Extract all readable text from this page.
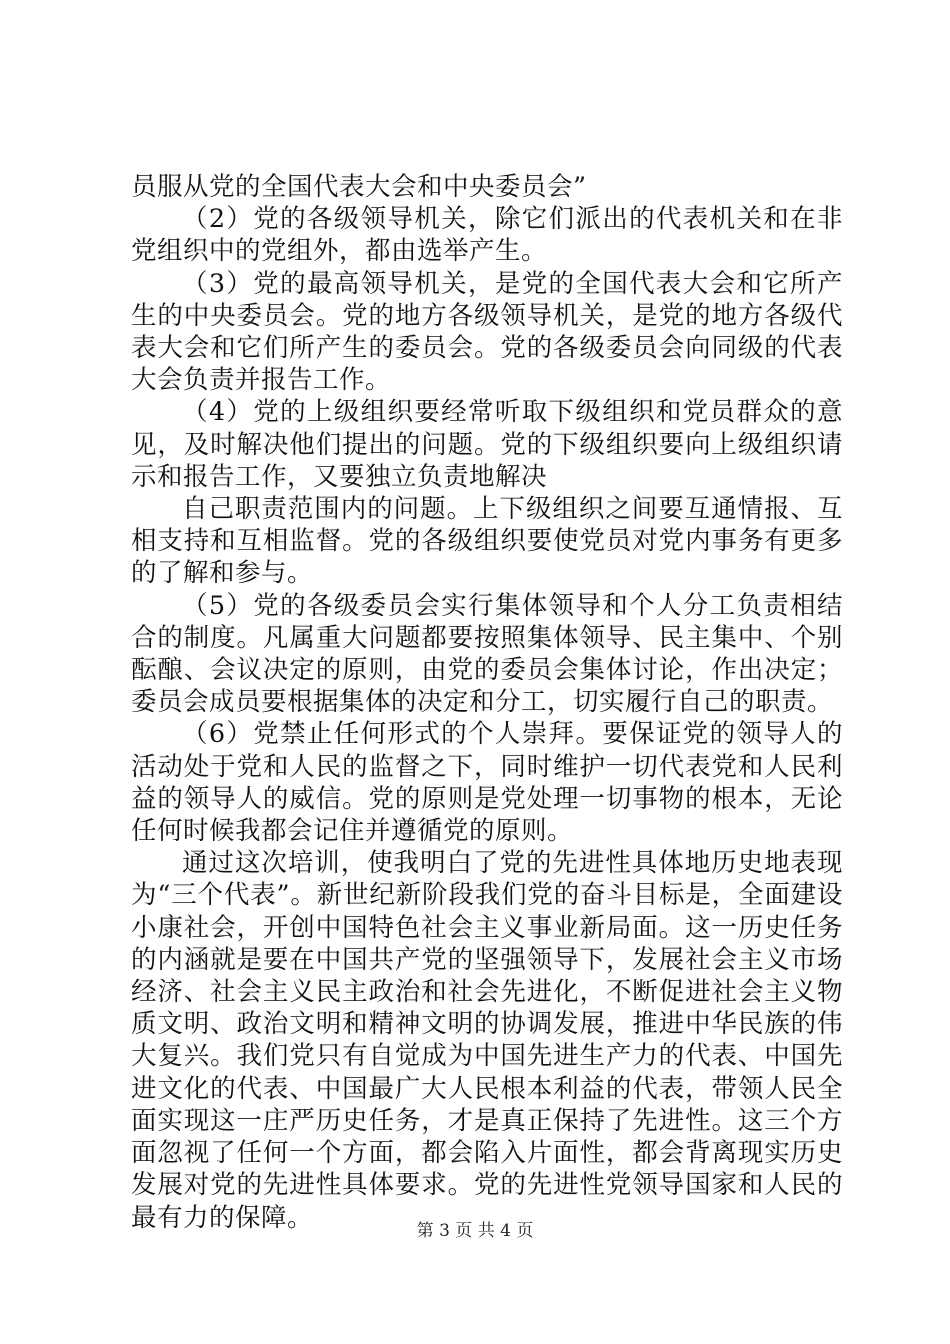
员服从党的全国代表大会和中央委员会”

（2）党的各级领导机关，除它们派出的代表机关和在非党组织中的党组外，都由选举产生。

（3）党的最高领导机关，是党的全国代表大会和它所产生的中央委员会。党的地方各级领导机关，是党的地方各级代表大会和它们所产生的委员会。党的各级委员会向同级的代表大会负责并报告工作。

（4）党的上级组织要经常听取下级组织和党员群众的意见，及时解决他们提出的问题。党的下级组织要向上级组织请示和报告工作，又要独立负责地解决

自己职责范围内的问题。上下级组织之间要互通情报、互相支持和互相监督。党的各级组织要使党员对党内事务有更多的了解和参与。

（5）党的各级委员会实行集体领导和个人分工负责相结合的制度。凡属重大问题都要按照集体领导、民主集中、个别酝酿、会议决定的原则，由党的委员会集体讨论，作出决定；委员会成员要根据集体的决定和分工，切实履行自己的职责。

（6）党禁止任何形式的个人崇拜。要保证党的领导人的活动处于党和人民的监督之下，同时维护一切代表党和人民利益的领导人的威信。党的原则是党处理一切事物的根本，无论任何时候我都会记住并遵循党的原则。

通过这次培训，使我明白了党的先进性具体地历史地表现为“三个代表”。新世纪新阶段我们党的奋斗目标是，全面建设小康社会，开创中国特色社会主义事业新局面。这一历史任务的内涵就是要在中国共产党的坚强领导下，发展社会主义市场经济、社会主义民主政治和社会先进化，不断促进社会主义物质文明、政治文明和精神文明的协调发展，推进中华民族的伟大复兴。我们党只有自觉成为中国先进生产力的代表、中国先进文化的代表、中国最广大人民根本利益的代表，带领人民全面实现这一庄严历史任务，才是真正保持了先进性。这三个方面忽视了任何一个方面，都会陷入片面性，都会背离现实历史发展对党的先进性具体要求。党的先进性党领导国家和人民的最有力的保障。	第 3 页 共 4 页
